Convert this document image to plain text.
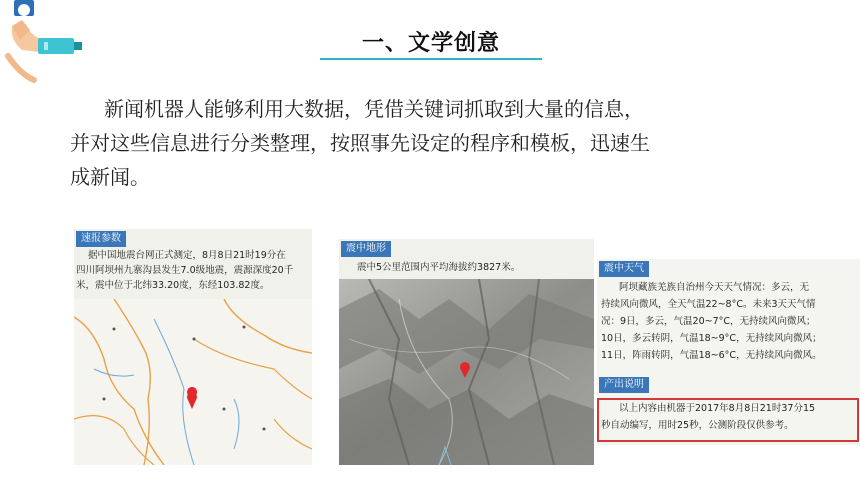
一、文学创意

新闻机器人能够利用大数据，凭借关键词抓取到大量的信息，

并对这些信息进行分类整理，按照事先设定的程序和模板，迅速生

成新闻。

速报参数
据中国地震台网正式测定，8月8日21时19分在
四川阿坝州九寨沟县发生7.0级地震，震源深度20千
米，震中位于北纬33.20度，东经103.82度。
震中地形
震中5公里范围内平均海拔约3827米。	震中天气
阿坝藏族羌族自治州今天天气情况：多云，无
持续风向微风，全天气温22~8°C。未来3天天气情
况：9日，多云，气温20~7°C，无持续风向微风；
10日，多云转阴，气温18~9°C，无持续风向微风；
11日，阵雨转阴，气温18~6°C，无持续风向微风。
产出说明
以上内容由机器于2017年8月8日21时37分15
秒自动编写，用时25秒，公测阶段仅供参考。
